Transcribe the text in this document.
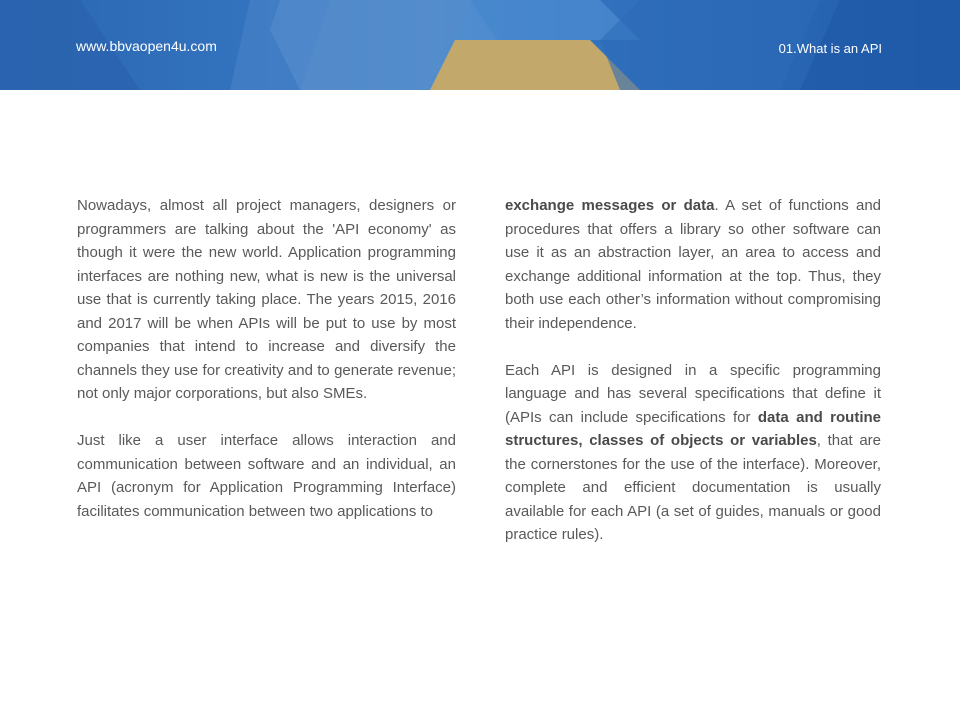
www.bbvaopen4u.com	01.What is an API

Nowadays, almost all project managers, designers or programmers are talking about the 'API economy' as though it were the new world. Application programming interfaces are nothing new, what is new is the universal use that is currently taking place. The years 2015, 2016 and 2017 will be when APIs will be put to use by most companies that intend to increase and diversify the channels they use for creativity and to generate revenue; not only major corporations, but also SMEs.

Just like a user interface allows interaction and communication between software and an individual, an API (acronym for Application Programming Interface) facilitates communication between two applications to

exchange messages or data. A set of functions and procedures that offers a library so other software can use it as an abstraction layer, an area to access and exchange additional information at the top. Thus, they both use each other’s information without compromising their independence.

Each API is designed in a specific programming language and has several specifications that define it (APIs can include specifications for data and routine structures, classes of objects or variables, that are the cornerstones for the use of the interface). Moreover, complete and efficient documentation is usually available for each API (a set of guides, manuals or good practice rules).
